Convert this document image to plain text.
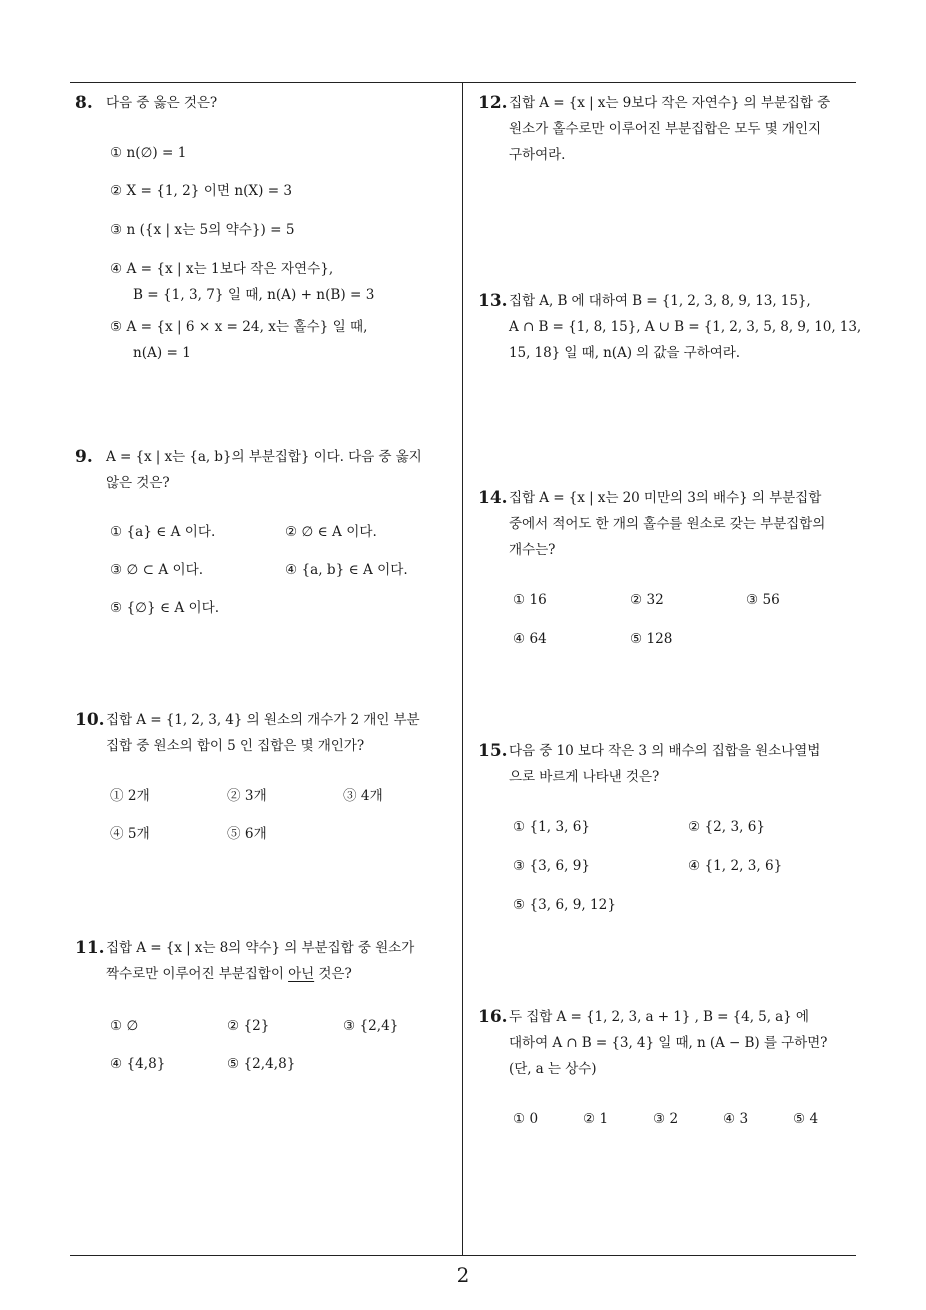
2
8. 다음 중 옳은 것은?
① n(∅) = 1
② X = {1, 2} 이면 n(X) = 3
③ n ({x | x는 5의 약수}) = 5
④ A = {x | x는 1보다 작은 자연수},
B = {1, 3, 7} 일 때, n(A) + n(B) = 3
⑤ A = {x | 6 × x = 24, x는 홀수} 일 때,
n(A) = 1
9. A = {x | x는 {a, b}의 부분집합} 이다. 다음 중 옳지
않은 것은?
① {a} ∈ A 이다.	② ∅ ∈ A 이다.
③ ∅ ⊂ A 이다.	④ {a, b} ∈ A 이다.
⑤ {∅} ∈ A 이다.
10. 집합 A = {1, 2, 3, 4} 의 원소의 개수가 2 개인 부분
집합 중 원소의 합이 5 인 집합은 몇 개인가?
① 2개	② 3개	③ 4개
④ 5개	⑤ 6개
11. 집합 A = {x | x는 8의 약수} 의 부분집합 중 원소가
짝수로만 이루어진 부분집합이 아닌 것은?
① ∅	② {2}	③ {2,4}
④ {4,8}	⑤ {2,4,8}
12. 집합 A = {x | x는 9보다 작은 자연수} 의 부분집합 중
원소가 홀수로만 이루어진 부분집합은 모두 몇 개인지
구하여라.
13. 집합 A, B 에 대하여 B = {1, 2, 3, 8, 9, 13, 15},
A ∩ B = {1, 8, 15}, A ∪ B = {1, 2, 3, 5, 8, 9, 10, 13,
15, 18} 일 때, n(A) 의 값을 구하여라.
14. 집합 A = {x | x는 20 미만의 3의 배수} 의 부분집합
중에서 적어도 한 개의 홀수를 원소로 갖는 부분집합의
개수는?
① 16	② 32	③ 56
④ 64	⑤ 128
15. 다음 중 10 보다 작은 3 의 배수의 집합을 원소나열법
으로 바르게 나타낸 것은?
① {1, 3, 6}	② {2, 3, 6}
③ {3, 6, 9}	④ {1, 2, 3, 6}
⑤ {3, 6, 9, 12}
16. 두 집합 A = {1, 2, 3, a + 1} , B = {4, 5, a} 에
대하여 A ∩ B = {3, 4} 일 때, n (A − B) 를 구하면?
(단, a 는 상수)
① 0	② 1	③ 2	④ 3	⑤ 4
